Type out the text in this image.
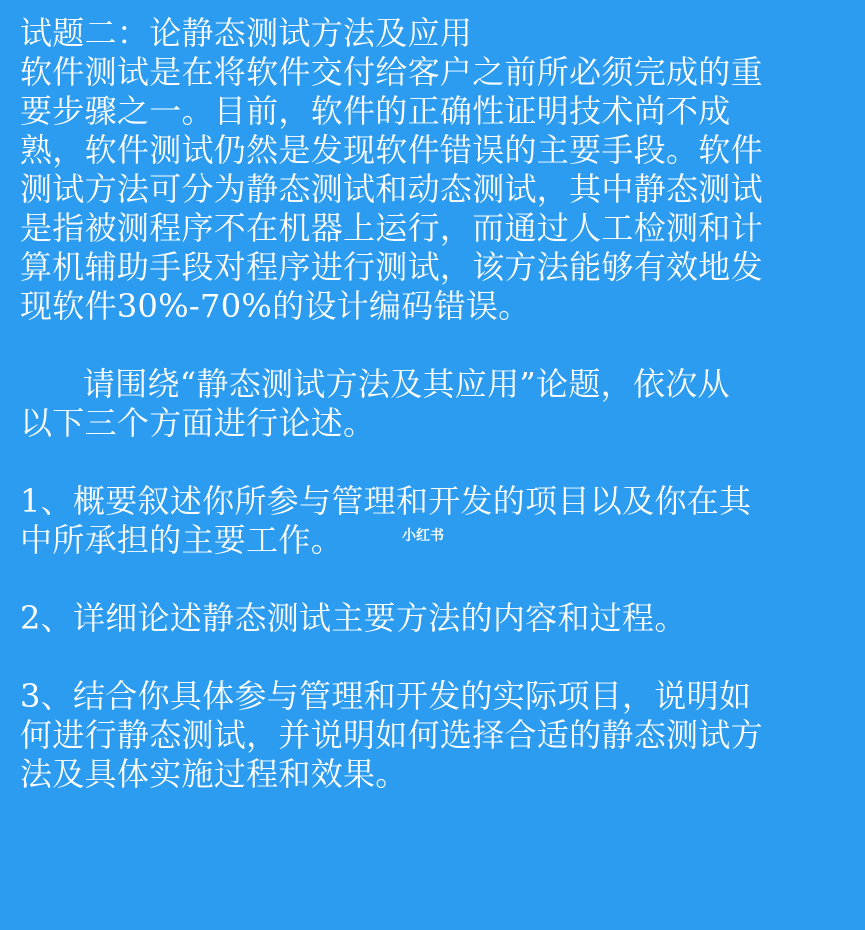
试题二：论静态测试方法及应用
软件测试是在将软件交付给客户之前所必须完成的重
要步骤之一。目前，软件的正确性证明技术尚不成
熟，软件测试仍然是发现软件错误的主要手段。软件
测试方法可分为静态测试和动态测试，其中静态测试
是指被测程序不在机器上运行，而通过人工检测和计
算机辅助手段对程序进行测试，该方法能够有效地发
现软件30%-70%的设计编码错误。
请围绕“静态测试方法及其应用”论题，依次从
以下三个方面进行论述。
1、概要叙述你所参与管理和开发的项目以及你在其
中所承担的主要工作。
2、详细论述静态测试主要方法的内容和过程。
3、结合你具体参与管理和开发的实际项目，说明如
何进行静态测试，并说明如何选择合适的静态测试方
法及具体实施过程和效果。
小红书
